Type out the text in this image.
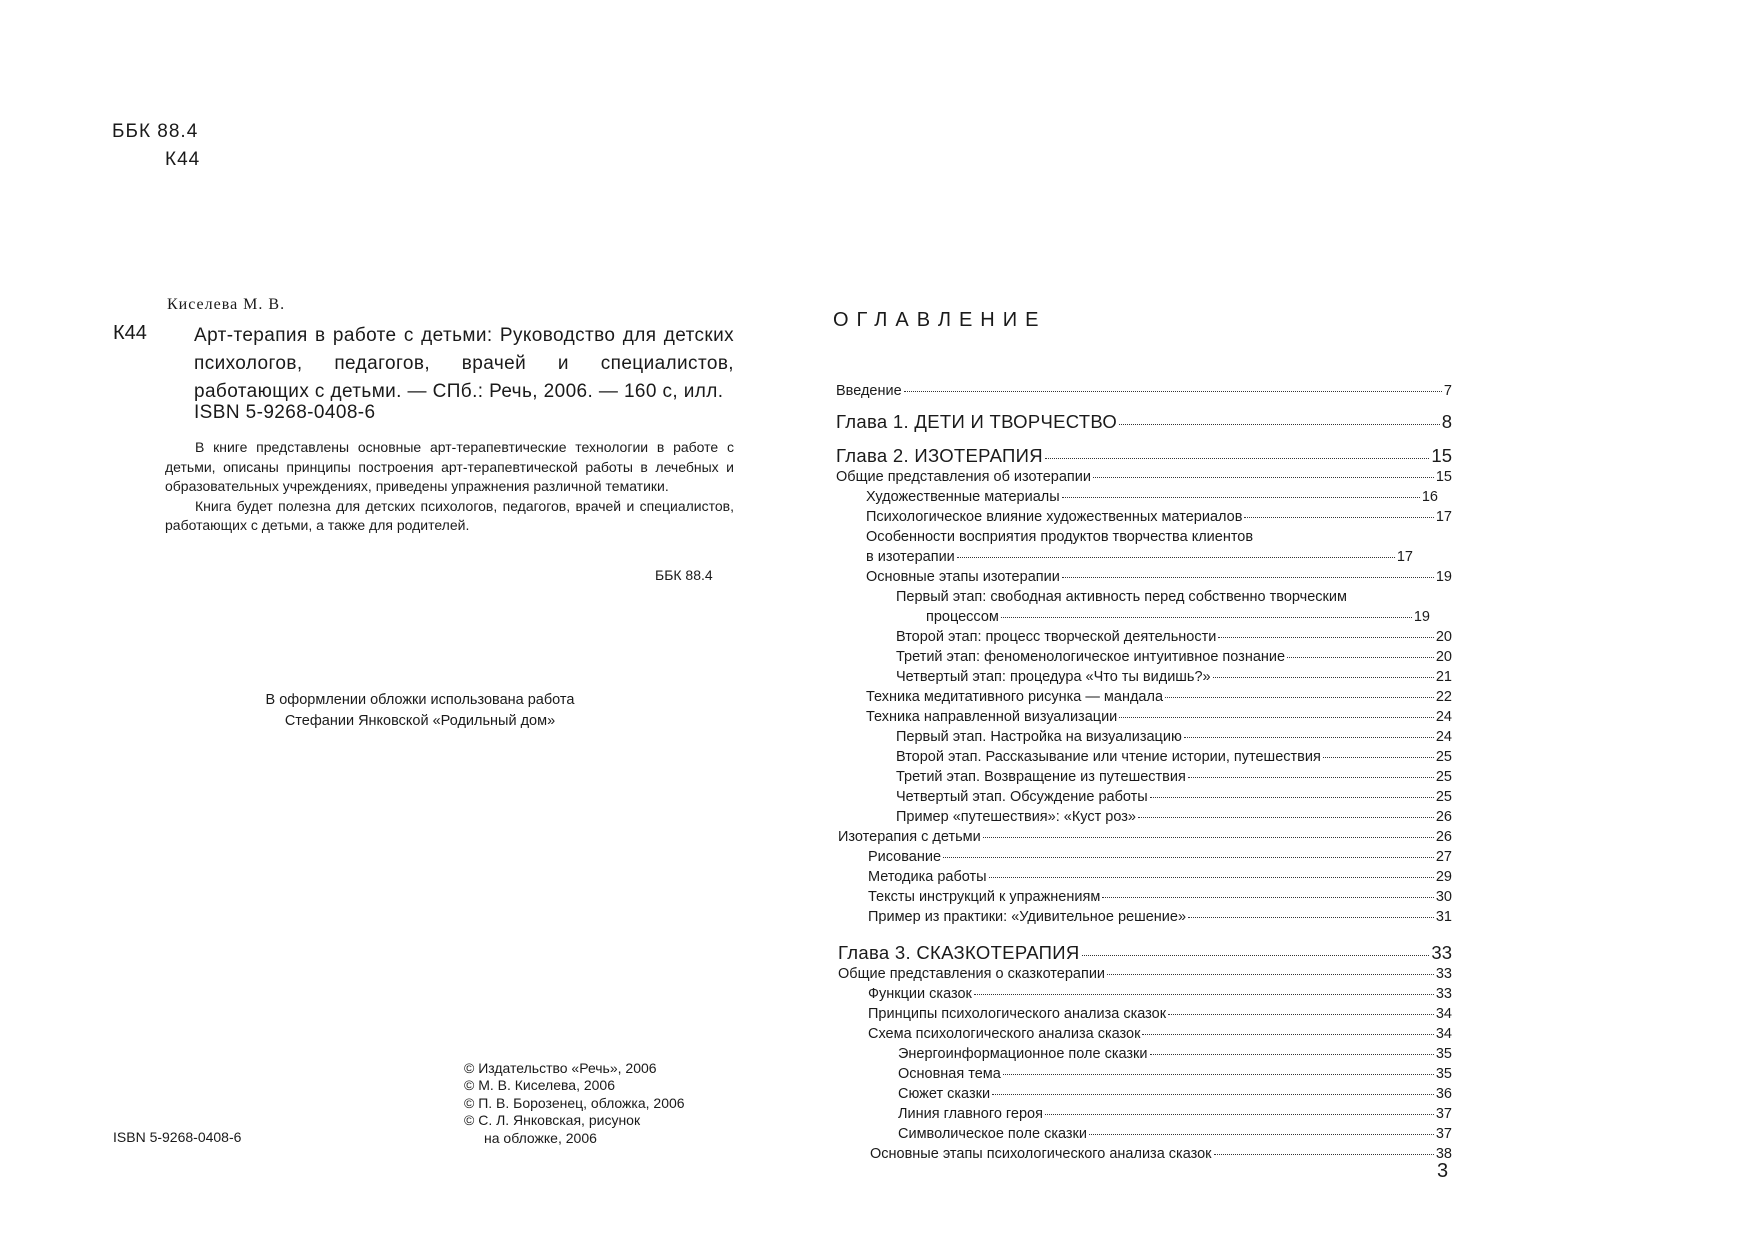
ББК 88.4
К44
Киселева М. В.
К44 Арт-терапия в работе с детьми: Руководство для детских психологов, педагогов, врачей и специалистов, работающих с детьми. — СПб.: Речь, 2006. — 160 с, илл.
ISBN 5-9268-0408-6

В книге представлены основные арт-терапевтические технологии в работе с детьми, описаны принципы построения арт-терапевтической работы в лечебных и образовательных учреждениях, приведены упражнения различной тематики.

Книга будет полезна для детских психологов, педагогов, врачей и специалистов, работающих с детьми, а также для родителей.

ББК 88.4
В оформлении обложки использована работа
Стефании Янковской «Родильный дом»
© Издательство «Речь», 2006
© М. В. Киселева, 2006
© П. В. Борозенец, обложка, 2006
© С. Л. Янковская, рисунок
на обложке, 2006
ISBN 5-9268-0408-6
ОГЛАВЛЕНИЕ
Введение	7
Глава 1. ДЕТИ И ТВОРЧЕСТВО	8
Глава 2. ИЗОТЕРАПИЯ	15
Общие представления об изотерапии	15
Художественные материалы	16
Психологическое влияние художественных материалов	17
Особенности восприятия продуктов творчества клиентов
в изотерапии	17
Основные этапы изотерапии	19
Первый этап: свободная активность перед собственно творческим
процессом	19
Второй этап: процесс творческой деятельности	20
Третий этап: феноменологическое интуитивное познание	20
Четвертый этап: процедура «Что ты видишь?»	21
Техника медитативного рисунка — мандала	22
Техника направленной визуализации	24
Первый этап. Настройка на визуализацию	24
Второй этап. Рассказывание или чтение истории, путешествия	25
Третий этап. Возвращение из путешествия	25
Четвертый этап. Обсуждение работы	25
Пример «путешествия»: «Куст роз»	26
Изотерапия с детьми	26
Рисование	27
Методика работы	29
Тексты инструкций к упражнениям	30
Пример из практики: «Удивительное решение»	31
Глава 3. СКАЗКОТЕРАПИЯ	33
Общие представления о сказкотерапии	33
Функции сказок	33
Принципы психологического анализа сказок	34
Схема психологического анализа сказок	34
Энергоинформационное поле сказки	35
Основная тема	35
Сюжет сказки	36
Линия главного героя	37
Символическое поле сказки	37
Основные этапы психологического анализа сказок	38
3
